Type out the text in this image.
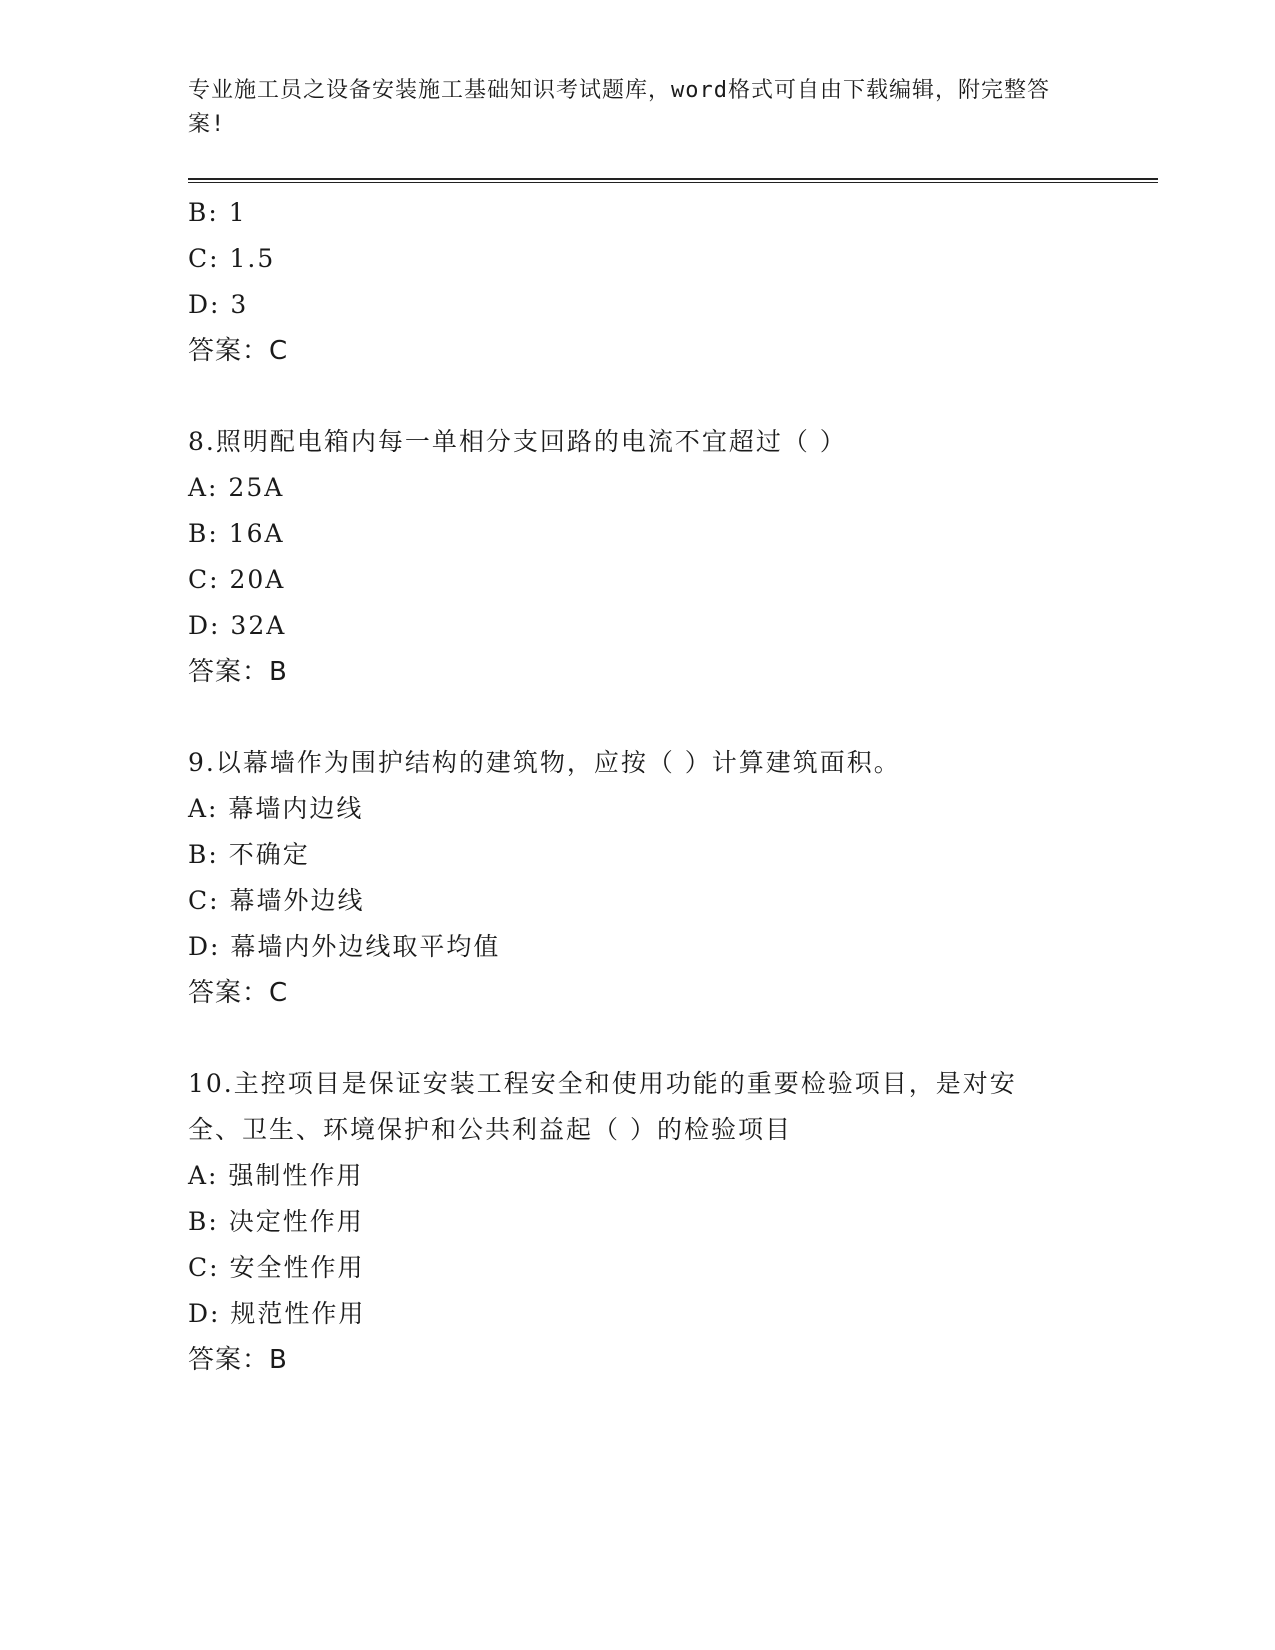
专业施工员之设备安装施工基础知识考试题库，word格式可自由下载编辑，附完整答案!
B: 1
C: 1.5
D: 3
答案：C
8.照明配电箱内每一单相分支回路的电流不宜超过（ ）
A: 25A
B: 16A
C: 20A
D: 32A
答案：B
9.以幕墙作为围护结构的建筑物，应按（ ）计算建筑面积。
A: 幕墙内边线
B: 不确定
C: 幕墙外边线
D: 幕墙内外边线取平均值
答案：C
10.主控项目是保证安装工程安全和使用功能的重要检验项目，是对安全、卫生、环境保护和公共利益起（ ）的检验项目
A: 强制性作用
B: 决定性作用
C: 安全性作用
D: 规范性作用
答案：B
